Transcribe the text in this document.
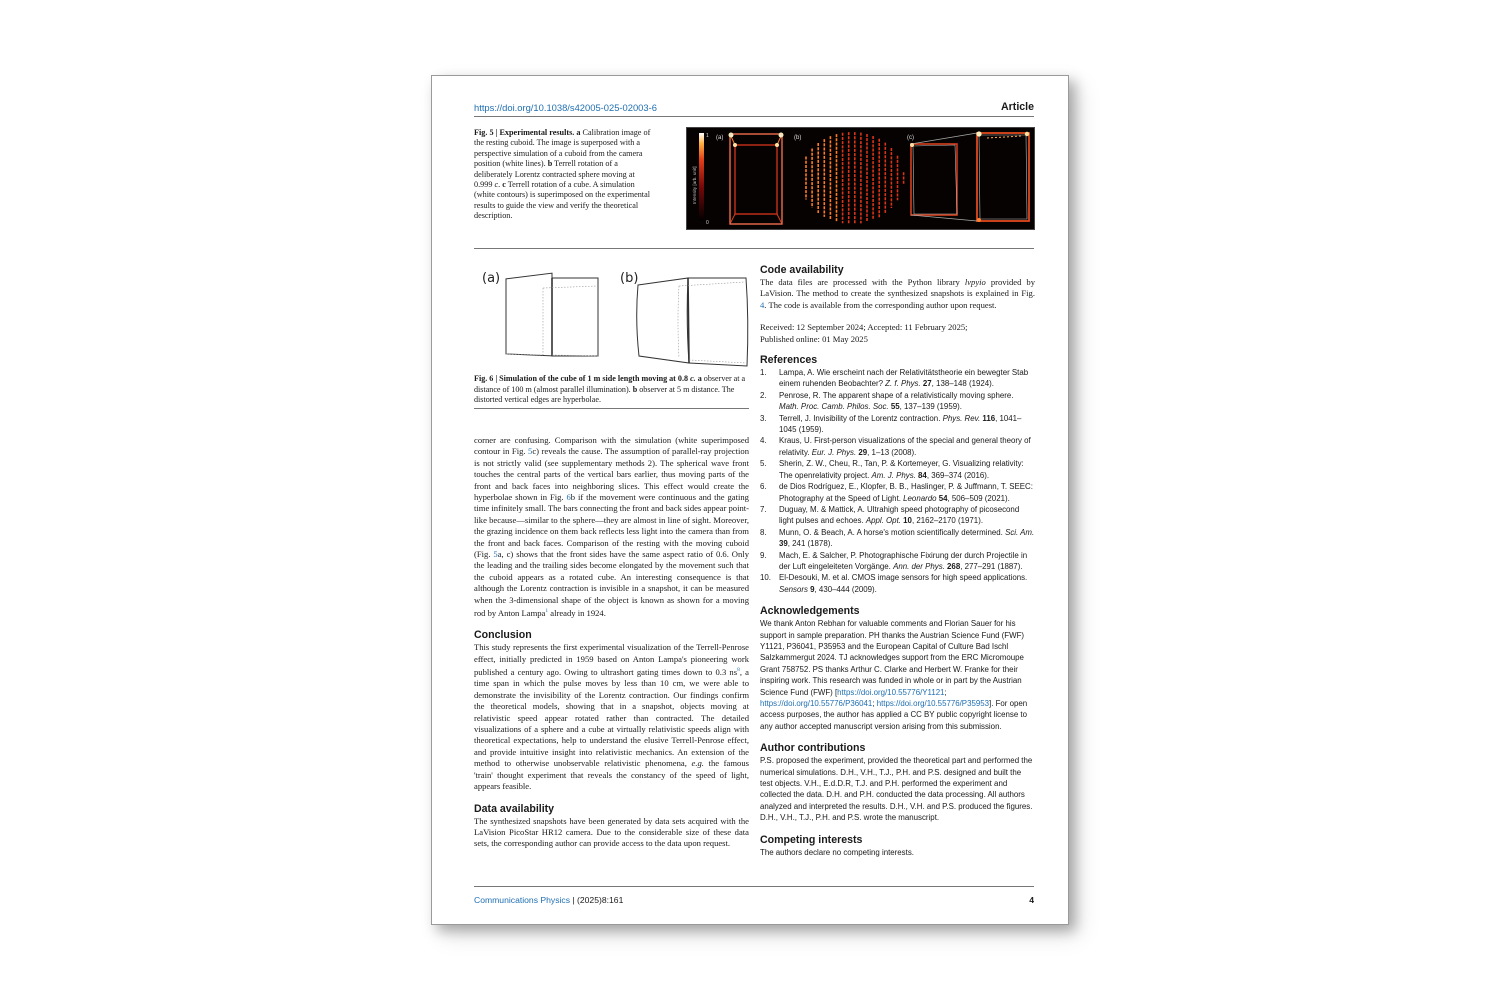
https://doi.org/10.1038/s42005-025-02003-6	Article
Fig. 5 | Experimental results. a Calibration image of the resting cuboid. The image is superposed with a perspective simulation of a cuboid from the camera position (white lines). b Terrell rotation of a deliberately Lorentz contracted sphere moving at 0.999 c. c Terrell rotation of a cube. A simulation (white contours) is superimposed on the experimental results to guide the view and verify the theoretical description.
1
0
Intensity [arb. unit]
(a)	(b)	(c)
(a)	(b)
Fig. 6 | Simulation of the cube of 1 m side length moving at 0.8 c. a observer at a distance of 100 m (almost parallel illumination). b observer at 5 m distance. The distorted vertical edges are hyperbolae.

corner are confusing. Comparison with the simulation (white superimposed contour in Fig. 5c) reveals the cause. The assumption of parallel-ray projection is not strictly valid (see supplementary methods 2). The spherical wave front touches the central parts of the vertical bars earlier, thus moving parts of the front and back faces into neighboring slices. This effect would create the hyperbolae shown in Fig. 6b if the movement were continuous and the gating time infinitely small. The bars connecting the front and back sides appear point-like because—similar to the sphere—they are almost in line of sight. Moreover, the grazing incidence on them back reflects less light into the camera than from the front and back faces. Comparison of the resting with the moving cuboid (Fig. 5a, c) shows that the front sides have the same aspect ratio of 0.6. Only the leading and the trailing sides become elongated by the movement such that the cuboid appears as a rotated cube. An interesting consequence is that although the Lorentz contraction is invisible in a snapshot, it can be measured when the 3-dimensional shape of the object is known as shown for a moving rod by Anton Lampa$^1$ already in 1924.

Conclusion

This study represents the first experimental visualization of the Terrell-Penrose effect, initially predicted in 1959 based on Anton Lampa's pioneering work published a century ago. Owing to ultrashort gating times down to 0.3 $ns^8$, a time span in which the pulse moves by less than 10 cm, we were able to demonstrate the invisibility of the Lorentz contraction. Our findings confirm the theoretical models, showing that in a snapshot, objects moving at relativistic speed appear rotated rather than contracted. The detailed visualizations of a sphere and a cube at virtually relativistic speeds align with theoretical expectations, help to understand the elusive Terrell-Penrose effect, and provide intuitive insight into relativistic mechanics. An extension of the method to otherwise unobservable relativistic phenomena, e.g. the famous 'train' thought experiment that reveals the constancy of the speed of light, appears feasible.

Data availability

The synthesized snapshots have been generated by data sets acquired with the LaVision PicoStar HR12 camera. Due to the considerable size of these data sets, the corresponding author can provide access to the data upon request.

Code availability

The data files are processed with the Python library lvpyio provided by LaVision. The method to create the synthesized snapshots is explained in Fig. 4. The code is available from the corresponding author upon request.

Received: 12 September 2024; Accepted: 11 February 2025;
Published online: 01 May 2025

References
1.	Lampa, A. Wie erscheint nach der Relativitätstheorie ein bewegter Stab einem ruhenden Beobachter? Z. f. Phys. 27, 138–148 (1924).
2.	Penrose, R. The apparent shape of a relativistically moving sphere. Math. Proc. Camb. Philos. Soc. 55, 137–139 (1959).
3.	Terrell, J. Invisibility of the Lorentz contraction. Phys. Rev. 116, 1041–1045 (1959).
4.	Kraus, U. First-person visualizations of the special and general theory of relativity. Eur. J. Phys. 29, 1–13 (2008).
5.	Sherin, Z. W., Cheu, R., Tan, P. & Kortemeyer, G. Visualizing relativity: The openrelativity project. Am. J. Phys. 84, 369–374 (2016).
6.	de Dios Rodríguez, E., Klopfer, B. B., Haslinger, P. & Juffmann, T. SEEC: Photography at the Speed of Light. Leonardo 54, 506–509 (2021).
7.	Duguay, M. & Mattick, A. Ultrahigh speed photography of picosecond light pulses and echoes. Appl. Opt. 10, 2162–2170 (1971).
8.	Munn, O. & Beach, A. A horse's motion scientifically determined. Sci. Am. 39, 241 (1878).
9.	Mach, E. & Salcher, P. Photographische Fixirung der durch Projectile in der Luft eingeleiteten Vorgänge. Ann. der Phys. 268, 277–291 (1887).
10.	El-Desouki, M. et al. CMOS image sensors for high speed applications. Sensors 9, 430–444 (2009).
Acknowledgements

We thank Anton Rebhan for valuable comments and Florian Sauer for his support in sample preparation. PH thanks the Austrian Science Fund (FWF) Y1121, P36041, P35953 and the European Capital of Culture Bad Ischl Salzkammergut 2024. TJ acknowledges support from the ERC Micromoupe Grant 758752. PS thanks Arthur C. Clarke and Herbert W. Franke for their inspiring work. This research was funded in whole or in part by the Austrian Science Fund (FWF) [https://doi.org/10.55776/Y1121; https://doi.org/10.55776/P36041; https://doi.org/10.55776/P35953]. For open access purposes, the author has applied a CC BY public copyright license to any author accepted manuscript version arising from this submission.

Author contributions

P.S. proposed the experiment, provided the theoretical part and performed the numerical simulations. D.H., V.H., T.J., P.H. and P.S. designed and built the test objects. V.H., E.d.D.R, T.J. and P.H. performed the experiment and collected the data. D.H. and P.H. conducted the data processing. All authors analyzed and interpreted the results. D.H., V.H. and P.S. produced the figures. D.H., V.H., T.J., P.H. and P.S. wrote the manuscript.

Competing interests

The authors declare no competing interests.

Communications Physics | (2025)8:161	4
